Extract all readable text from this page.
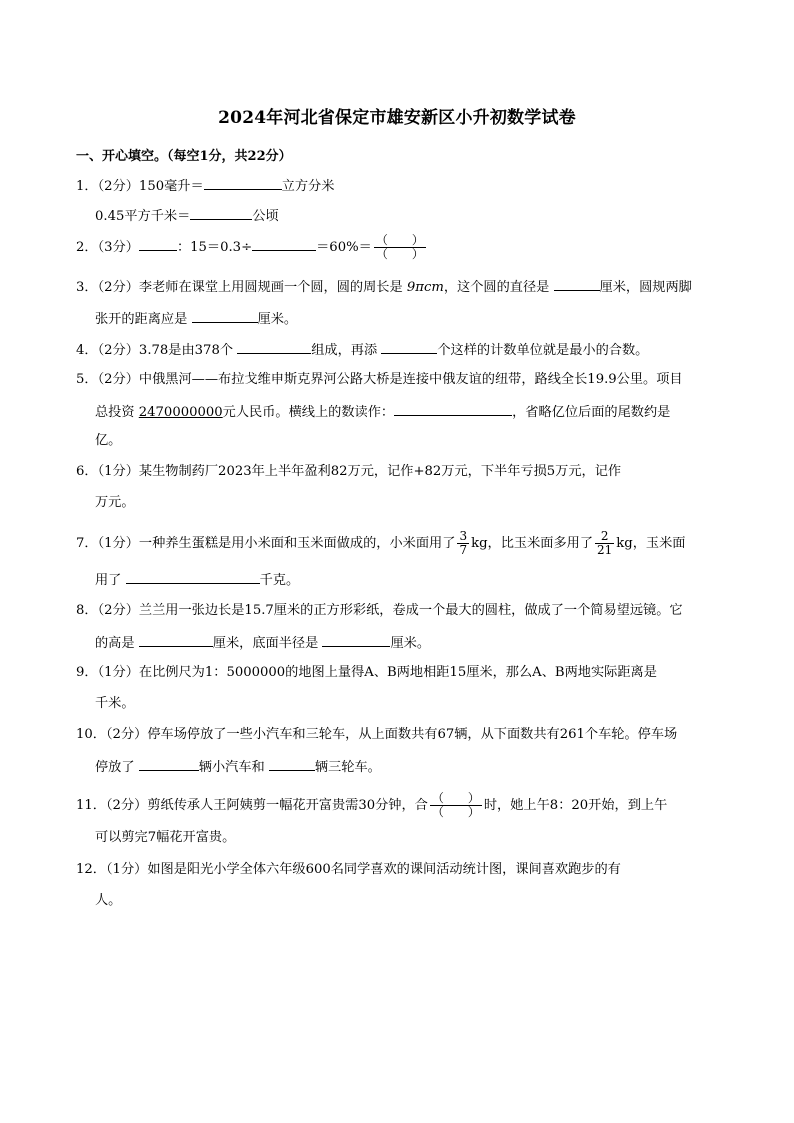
2024年河北省保定市雄安新区小升初数学试卷
一、开心填空。（每空1分，共22分）
1．（2分）150毫升＝	立方分米
0.45平方千米＝	公顷
2．（3分）	：15＝0.3÷	$=60\%= \frac{( )}{( )}$
3．（2分）李老师在课堂上用圆规画一个圆，圆的周长是 9πcm，这个圆的直径是	厘米，圆规两脚
张开的距离应是	厘米。
4．（2分）3.78是由378个	组成，再添	个这样的计数单位就是最小的合数。
5．（2分）中俄黑河——布拉戈维申斯克界河公路大桥是连接中俄友谊的纽带，路线全长19.9公里。项目
总投资 2470000000元人民币。横线上的数读作：	，省略亿位后面的尾数约是
亿。
6．（1分）某生物制药厂2023年上半年盈利82万元，记作+82万元，下半年亏损5万元，记作
万元。
7．（1分）一种养生蛋糕是用小米面和玉米面做成的，小米面用了 $\frac{3}{7}$ kg，比玉米面多用了 $\frac{2}{21}$ kg，玉米面
用了	千克。
8．（2分）兰兰用一张边长是15.7厘米的正方形彩纸，卷成一个最大的圆柱，做成了一个简易望远镜。它
的高是	厘米，底面半径是	厘米。
9．（1分）在比例尺为1：5000000的地图上量得A、B两地相距15厘米，那么A、B两地实际距离是
千米。
10．（2分）停车场停放了一些小汽车和三轮车，从上面数共有67辆，从下面数共有261个车轮。停车场
停放了	辆小汽车和	辆三轮车。
11．（2分）剪纸传承人王阿姨剪一幅花开富贵需30分钟，合 $\frac{( )}{( )}$ 时，她上午8：20开始，到上午
可以剪完7幅花开富贵。
12．（1分）如图是阳光小学全体六年级600名同学喜欢的课间活动统计图，课间喜欢跑步的有
人。
